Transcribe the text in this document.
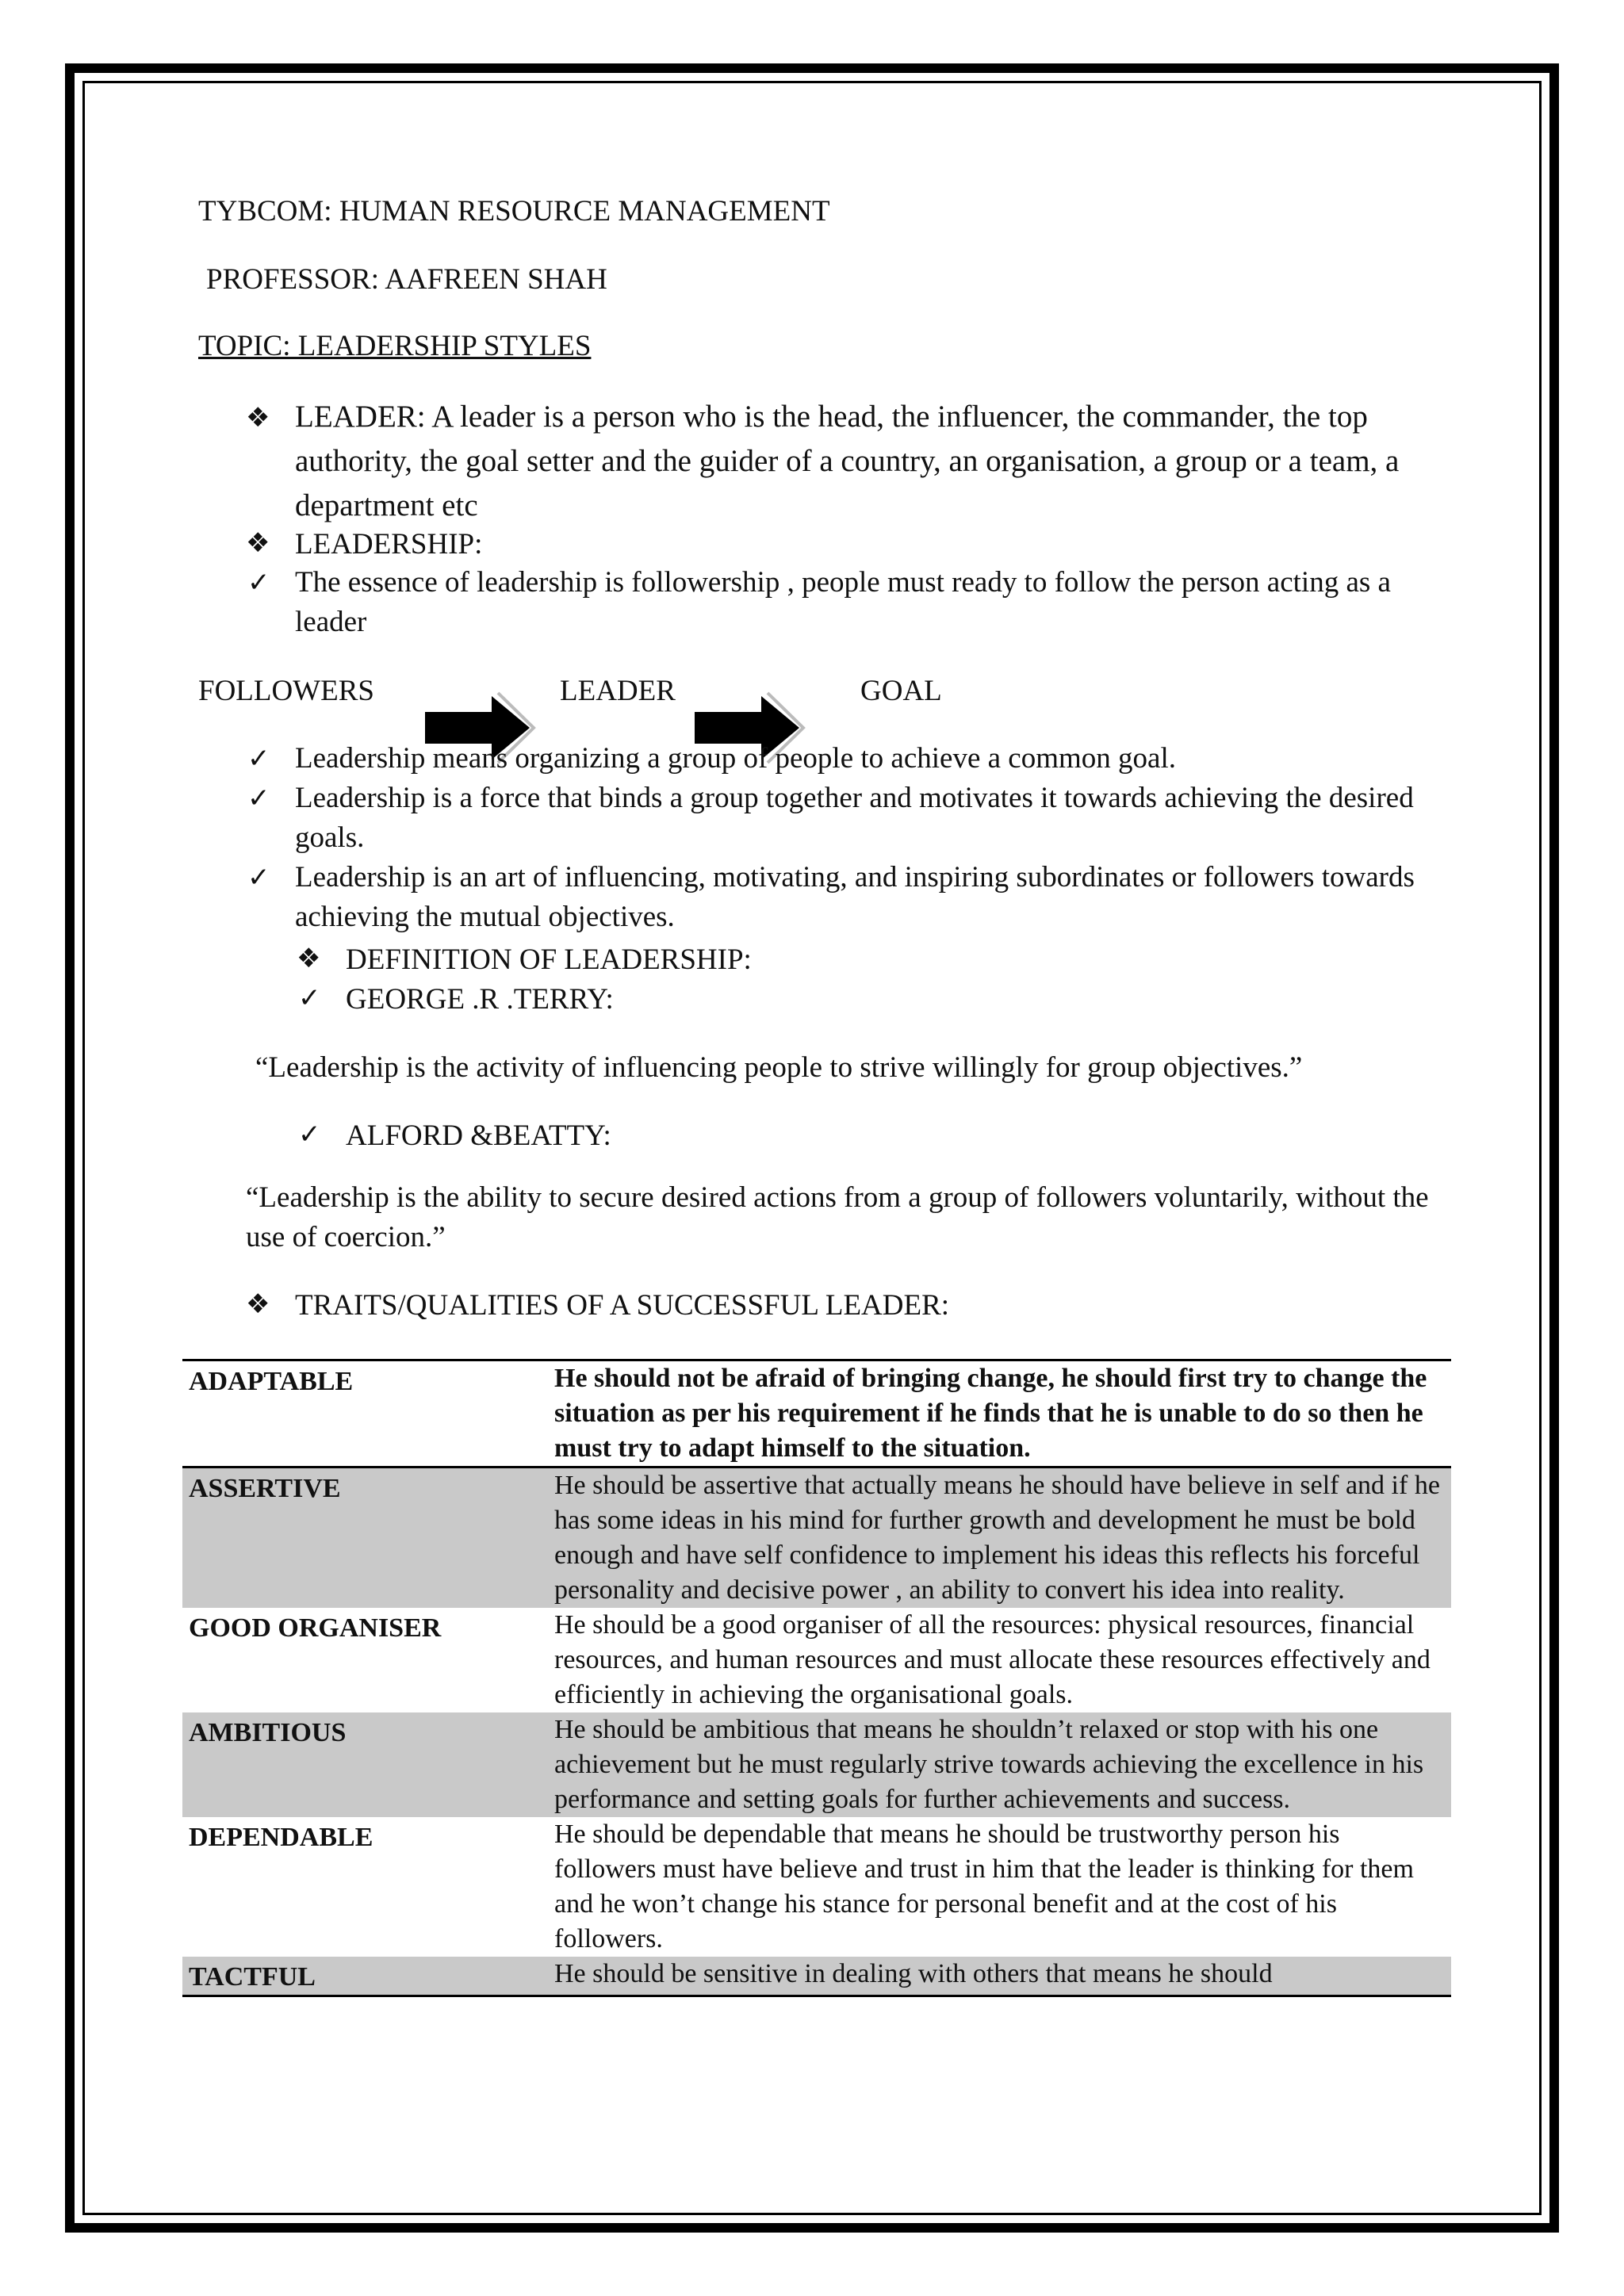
TYBCOM: HUMAN RESOURCE MANAGEMENT
PROFESSOR: AAFREEN SHAH
TOPIC: LEADERSHIP STYLES
❖ LEADER: A leader is a person who is the head, the influencer, the commander, the top authority, the goal setter and the guider of a country, an organisation, a group or a team, a department etc
❖ LEADERSHIP:
✓ The essence of leadership is followership , people must ready to follow the person acting as a leader
FOLLOWERS	LEADER	GOAL
✓ Leadership means organizing a group of people to achieve a common goal.
✓ Leadership is a force that binds a group together and motivates it towards achieving the desired goals.
✓ Leadership is an art of influencing, motivating, and inspiring subordinates or followers towards achieving the mutual objectives.
❖ DEFINITION OF LEADERSHIP:
✓ GEORGE .R .TERRY:
“Leadership is the activity of influencing people to strive willingly for group objectives.”
✓ ALFORD &BEATTY:
“Leadership is the ability to secure desired actions from a group of followers voluntarily, without the use of coercion.”
❖ TRAITS/QUALITIES OF A SUCCESSFUL LEADER:
ADAPTABLE	He should not be afraid of bringing change, he should first try to change the situation as per his requirement if he finds that he is unable to do so then he must try to adapt himself to the situation.
ASSERTIVE	He should be assertive that actually means he should have believe in self and if he has some ideas in his mind for further growth and development he must be bold enough and have self confidence to implement his ideas this reflects his forceful personality and decisive power , an ability to convert his idea into reality.
GOOD ORGANISER	He should be a good organiser of all the resources: physical resources, financial resources, and human resources and must allocate these resources effectively and efficiently in achieving the organisational goals.
AMBITIOUS	He should be ambitious that means he shouldn’t relaxed or stop with his one achievement but he must regularly strive towards achieving the excellence in his performance and setting goals for further achievements and success.
DEPENDABLE	He should be dependable that means he should be trustworthy person his followers must have believe and trust in him that the leader is thinking for them and he won’t change his stance for personal benefit and at the cost of his followers.
TACTFUL	He should be sensitive in dealing with others that means he should
